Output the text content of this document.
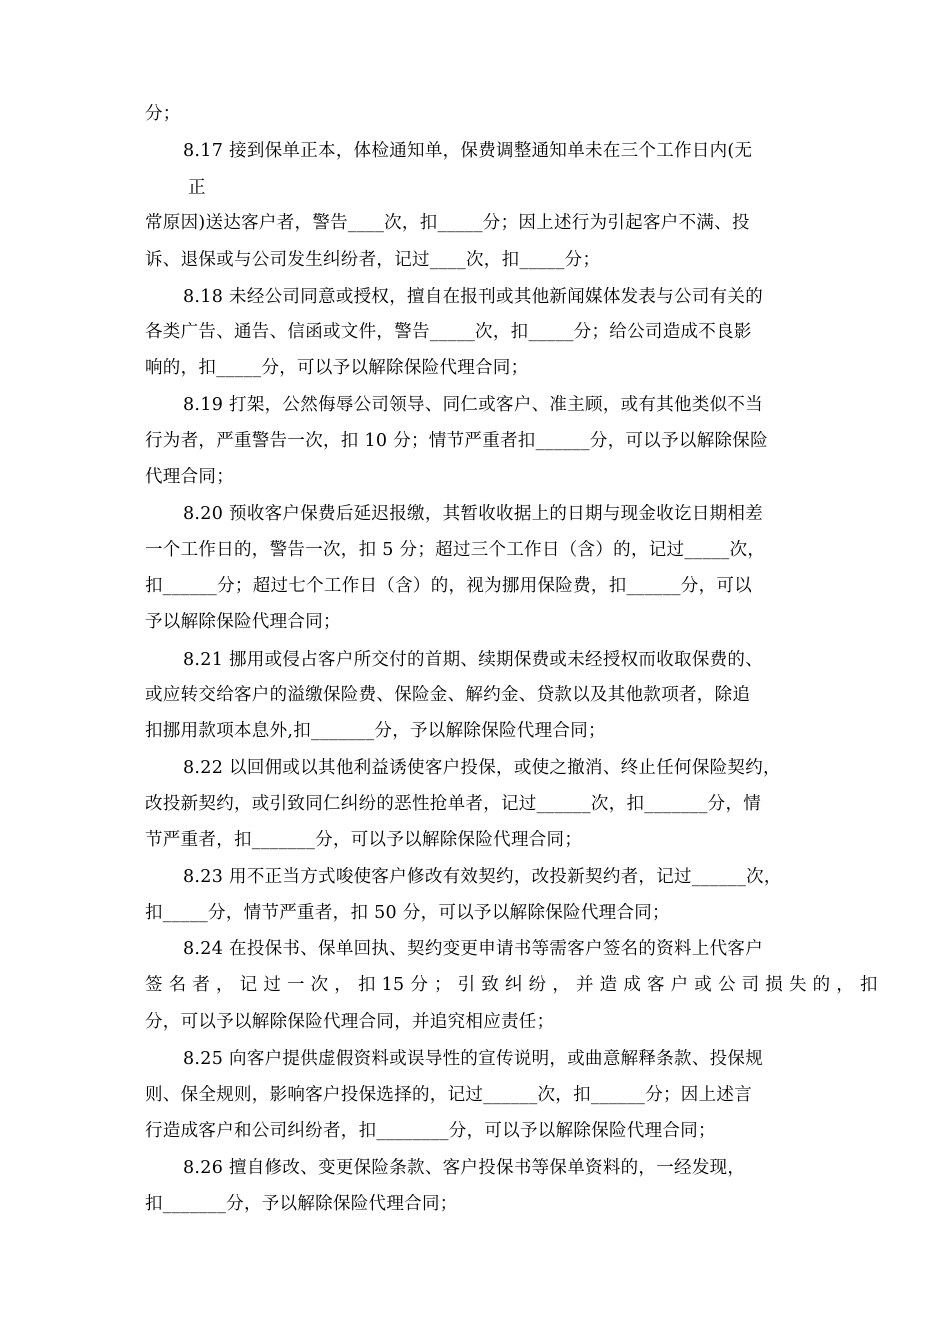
分；
8.17 接到保单正本，体检通知单，保费调整通知单未在三个工作日内(无
正
常原因)送达客户者，警告____次，扣_____分；因上述行为引起客户不满、投
诉、退保或与公司发生纠纷者，记过____次，扣_____分；
8.18 未经公司同意或授权，擅自在报刊或其他新闻媒体发表与公司有关的
各类广告、通告、信函或文件，警告_____次，扣_____分；给公司造成不良影
响的，扣_____分，可以予以解除保险代理合同；
8.19 打架，公然侮辱公司领导、同仁或客户、准主顾，或有其他类似不当
行为者，严重警告一次，扣 10 分；情节严重者扣______分，可以予以解除保险
代理合同；
8.20 预收客户保费后延迟报缴，其暂收收据上的日期与现金收讫日期相差
一个工作日的，警告一次，扣 5 分；超过三个工作日（含）的，记过_____次，
扣______分；超过七个工作日（含）的，视为挪用保险费，扣______分，可以
予以解除保险代理合同；
8.21 挪用或侵占客户所交付的首期、续期保费或未经授权而收取保费的、
或应转交给客户的溢缴保险费、保险金、解约金、贷款以及其他款项者，除追
扣挪用款项本息外,扣_______分，予以解除保险代理合同；
8.22 以回佣或以其他利益诱使客户投保，或使之撤消、终止任何保险契约，
改投新契约，或引致同仁纠纷的恶性抢单者，记过______次，扣_______分，情
节严重者，扣_______分，可以予以解除保险代理合同；
8.23 用不正当方式唆使客户修改有效契约，改投新契约者，记过______次，
扣_____分，情节严重者，扣 50 分，可以予以解除保险代理合同；
8.24 在投保书、保单回执、契约变更申请书等需客户签名的资料上代客户
签 名 者 ， 记 过 一 次 ， 扣 15 分 ； 引 致 纠 纷 ， 并 造 成 客 户 或 公 司 损 失 的 ， 扣
分，可以予以解除保险代理合同，并追究相应责任；
8.25 向客户提供虚假资料或误导性的宣传说明，或曲意解释条款、投保规
则、保全规则，影响客户投保选择的，记过______次，扣______分；因上述言
行造成客户和公司纠纷者，扣________分，可以予以解除保险代理合同；
8.26 擅自修改、变更保险条款、客户投保书等保单资料的，一经发现，
扣_______分，予以解除保险代理合同；
